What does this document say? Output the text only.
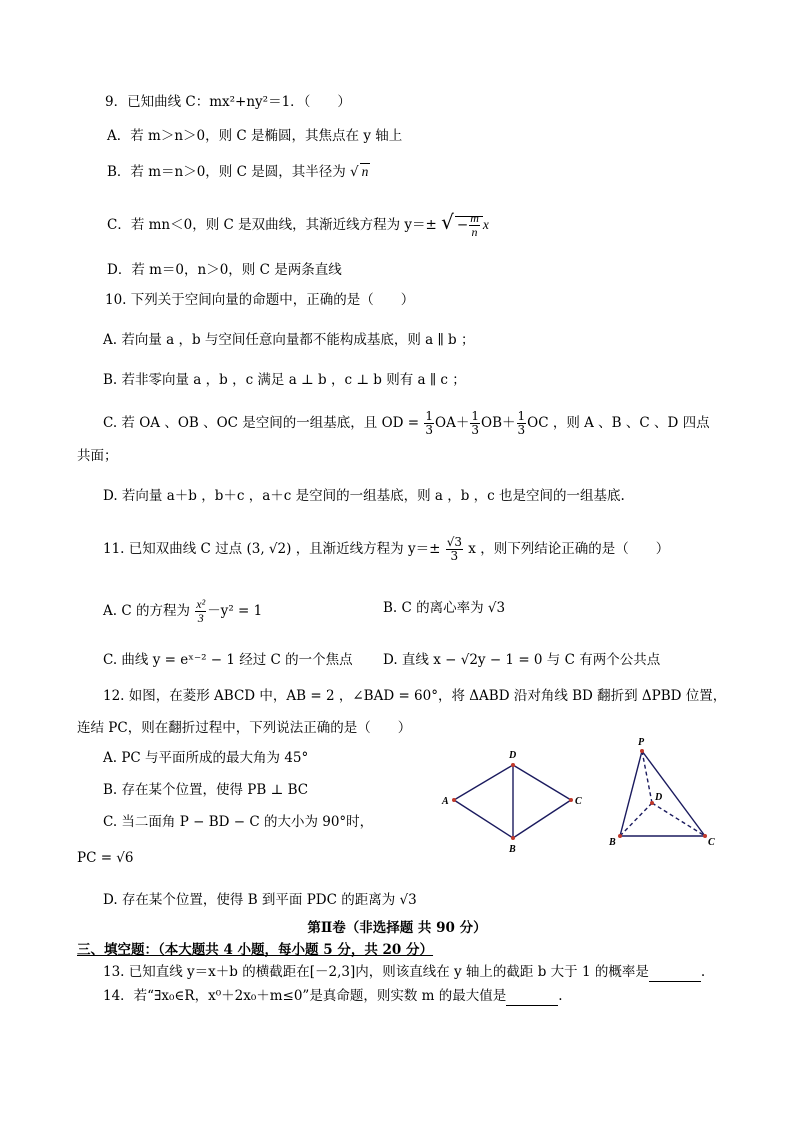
9．已知曲线 C：mx²+ny²＝1．（　　）
A．若 m＞n＞0，则 C 是椭圆，其焦点在 y 轴上
B．若 m＝n＞0，则 C 是圆，其半径为 √ n
C．若 mn＜0，则 C 是双曲线，其渐近线方程为 y＝± √ − $\frac{m}{n}$ x
D．若 m＝0，n＞0，则 C 是两条直线
10. 下列关于空间向量的命题中，正确的是（　　）
A. 若向量 a ，b 与空间任意向量都不能构成基底，则 a ∥ b ；
B. 若非零向量 a ，b ，c 满足 a ⊥ b ，c ⊥ b 则有 a ∥ c ；
C. 若 OA 、OB 、OC 是空间的一组基底，且 OD = $\frac{1}{3} OA+ \frac{1}{3} OB+ \frac{1}{3}$ OC ，则 A 、B 、C 、D 四点
共面；
D. 若向量 a＋b ，b＋c ，a＋c 是空间的一组基底，则 a ，b ，c 也是空间的一组基底.
11. 已知双曲线 C 过点 (3, √2) ，且渐近线方程为 $y=\pm \frac{√3}{3}$ x ，则下列结论正确的是（　　）
A. C 的方程为 $\frac{\text{x²}}{3} -y^2 = 1$	B. C 的离心率为 √3
C. 曲线 y = eˣ⁻² − 1 经过 C 的一个焦点 D. 直线 x − √2y − 1 = 0 与 C 有两个公共点
12. 如图，在菱形 ABCD 中，AB = 2 ，∠BAD = 60°，将 ΔABD 沿对角线 BD 翻折到 ΔPBD 位置，
连结 PC，则在翻折过程中，下列说法正确的是（　　）
A. PC 与平面所成的最大角为 45°
B. 存在某个位置，使得 PB ⊥ BC
C. 当二面角 P − BD − C 的大小为 90°时，
PC = √6
D. 存在某个位置，使得 B 到平面 PDC 的距离为 √3
A
D
C
B
P
B	C
D
第Ⅱ卷（非选择题 共 90 分）
三、填空题：（本大题共 4 小题，每小题 5 分，共 20 分）
13. 已知直线 y＝x＋b 的横截距在[－2,3]内，则该直线在 y 轴上的截距 b 大于 1 的概率是	.
14．若“∃x₀∈R，x⁰＋2x₀＋m≤0”是真命题，则实数 m 的最大值是	.
